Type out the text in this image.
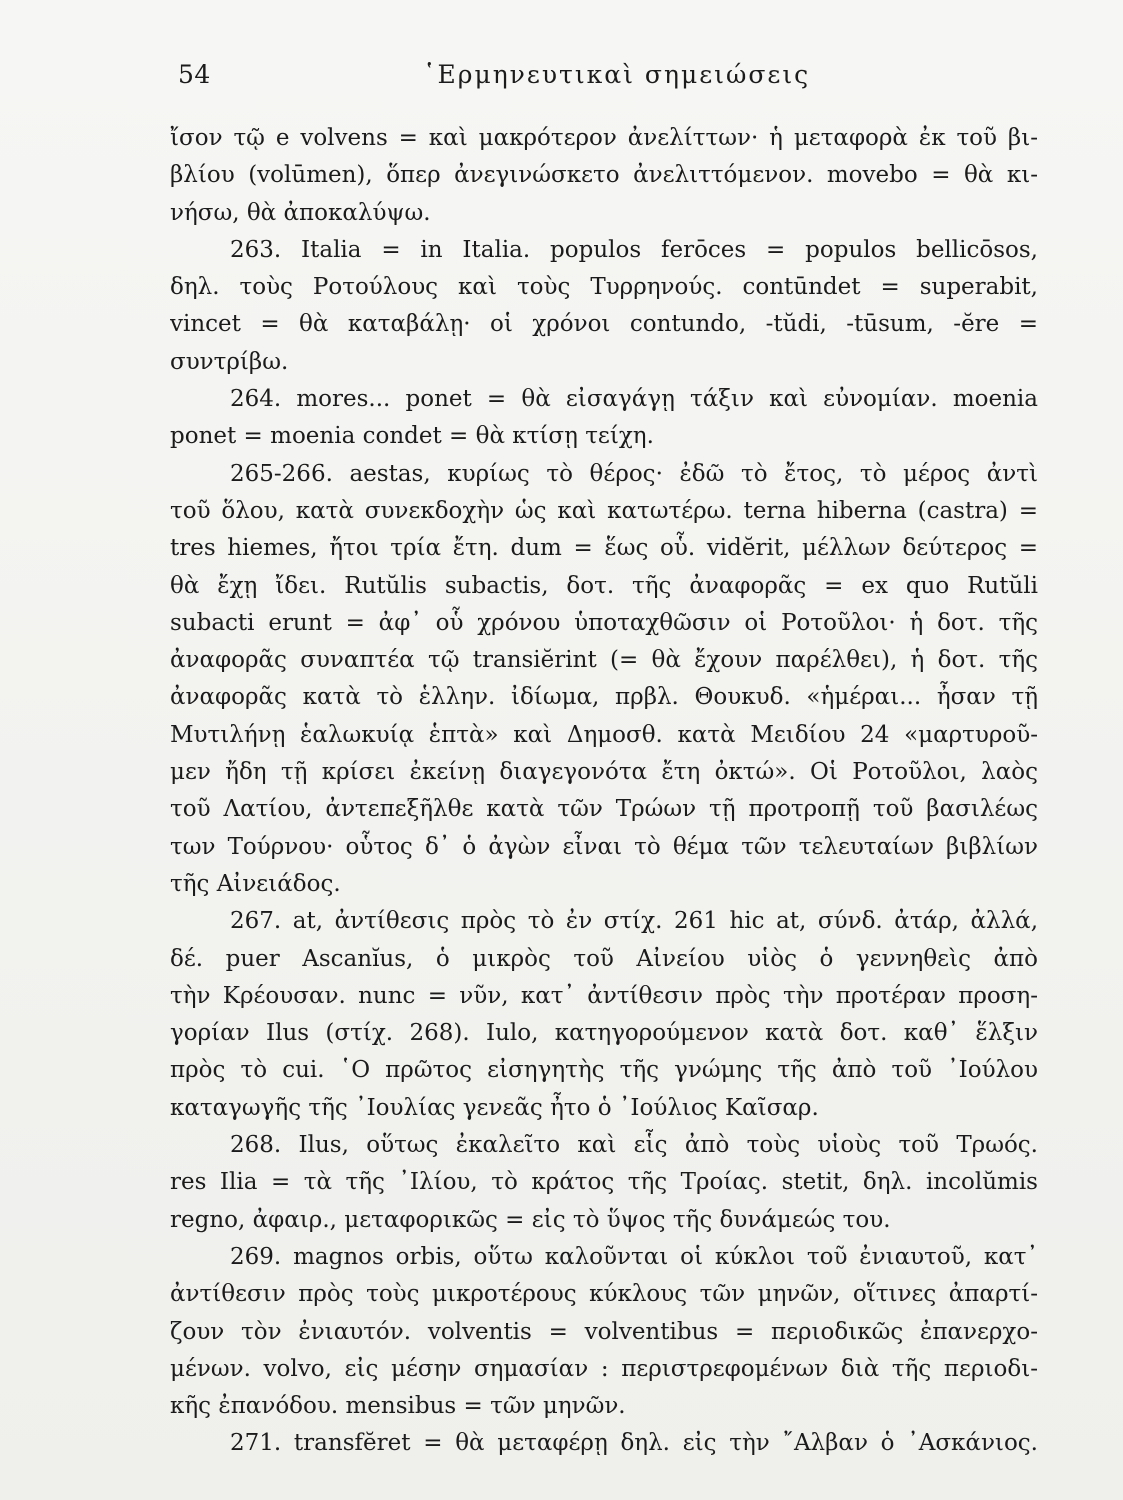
54	῾Ερμηνευτικαὶ σημειώσεις
ἴσον τῷ e volvens = καὶ μακρότερον ἀνελίττων· ἡ μεταφορὰ ἐκ τοῦ βι-
βλίου (volūmen), ὅπερ ἀνεγινώσκετο ἀνελιττόμενον. movebo = θὰ κι-
νήσω, θὰ ἀποκαλύψω.
263. Italia = in Italia. populos ferōces = populos bellicōsos,
δηλ. τοὺς Ροτούλους καὶ τοὺς Τυρρηνούς. contūndet = superabit,
vincet = θὰ καταβάλῃ· οἱ χρόνοι contundo, -tŭdi, -tūsum, -ĕre =
συντρίβω.
264. mores... ponet = θὰ εἰσαγάγῃ τάξιν καὶ εὐνομίαν. moenia
ponet = moenia condet = θὰ κτίσῃ τείχη.
265-266. aestas, κυρίως τὸ θέρος· ἐδῶ τὸ ἔτος, τὸ μέρος ἀντὶ
τοῦ ὅλου, κατὰ συνεκδοχὴν ὡς καὶ κατωτέρω. terna hiberna (castra) =
tres hiemes, ἤτοι τρία ἔτη. dum = ἕως οὗ. vidĕrit, μέλλων δεύτερος =
θὰ ἔχῃ ἴδει. Rutŭlis subactis, δοτ. τῆς ἀναφορᾶς = ex quo Rutŭli
subacti erunt = ἀφ᾽ οὗ χρόνου ὑποταχθῶσιν οἱ Ροτοῦλοι· ἡ δοτ. τῆς
ἀναφορᾶς συναπτέα τῷ transiĕrint (= θὰ ἔχουν παρέλθει), ἡ δοτ. τῆς
ἀναφορᾶς κατὰ τὸ ἑλλην. ἰδίωμα, πρβλ. Θουκυδ. «ἡμέραι... ἦσαν τῇ
Μυτιλήνῃ ἑαλωκυίᾳ ἑπτὰ» καὶ Δημοσθ. κατὰ Μειδίου 24 «μαρτυροῦ-
μεν ἤδη τῇ κρίσει ἐκείνῃ διαγεγονότα ἔτη ὀκτώ». Οἱ Ροτοῦλοι, λαὸς
τοῦ Λατίου, ἀντεπεξῆλθε κατὰ τῶν Τρώων τῇ προτροπῇ τοῦ βασιλέως
των Τούρνου· οὗτος δ᾽ ὁ ἀγὼν εἶναι τὸ θέμα τῶν τελευταίων βιβλίων
τῆς Αἰνειάδος.
267. at, ἀντίθεσις πρὸς τὸ ἐν στίχ. 261 hic at, σύνδ. ἀτάρ, ἀλλά,
δέ. puer Ascanĭus, ὁ μικρὸς τοῦ Αἰνείου υἱὸς ὁ γεννηθεὶς ἀπὸ
τὴν Κρέουσαν. nunc = νῦν, κατ᾽ ἀντίθεσιν πρὸς τὴν προτέραν προση-
γορίαν Ilus (στίχ. 268). Iulo, κατηγορούμενον κατὰ δοτ. καθ᾽ ἕλξιν
πρὸς τὸ cui. ῾Ο πρῶτος εἰσηγητὴς τῆς γνώμης τῆς ἀπὸ τοῦ ᾽Ιούλου
καταγωγῆς τῆς ᾽Ιουλίας γενεᾶς ἦτο ὁ ᾽Ιούλιος Καῖσαρ.
268. Ilus, οὕτως ἐκαλεῖτο καὶ εἷς ἀπὸ τοὺς υἱοὺς τοῦ Τρωός.
res Ilia = τὰ τῆς ᾽Ιλίου, τὸ κράτος τῆς Τροίας. stetit, δηλ. incolŭmis
regno, ἀφαιρ., μεταφορικῶς = εἰς τὸ ὕψος τῆς δυνάμεώς του.
269. magnos orbis, οὕτω καλοῦνται οἱ κύκλοι τοῦ ἐνιαυτοῦ, κατ᾽
ἀντίθεσιν πρὸς τοὺς μικροτέρους κύκλους τῶν μηνῶν, οἵτινες ἀπαρτί-
ζουν τὸν ἐνιαυτόν. volventis = volventibus = περιοδικῶς ἐπανερχο-
μένων. volvo, εἰς μέσην σημασίαν : περιστρεφομένων διὰ τῆς περιοδι-
κῆς ἐπανόδου. mensibus = τῶν μηνῶν.
271. transfĕret = θὰ μεταφέρῃ δηλ. εἰς τὴν ῎Αλβαν ὁ ᾽Ασκάνιος.
